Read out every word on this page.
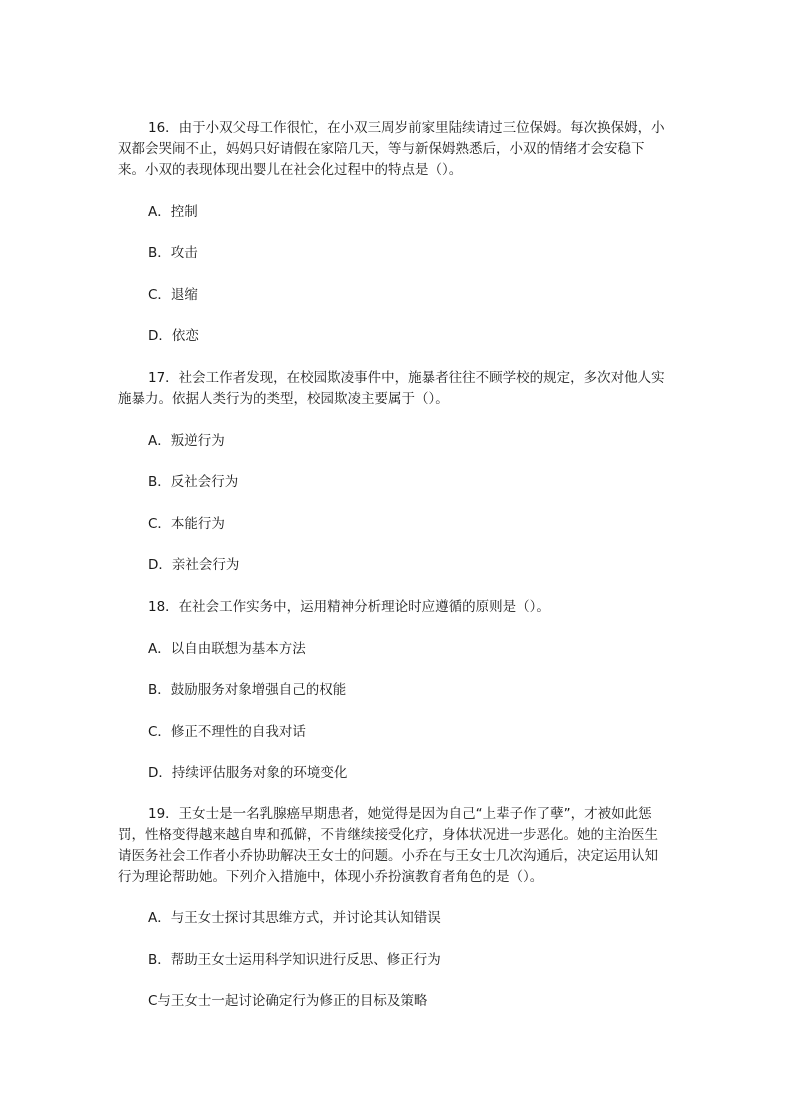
16．由于小双父母工作很忙，在小双三周岁前家里陆续请过三位保姆。每次换保姆，小双都会哭闹不止，妈妈只好请假在家陪几天，等与新保姆熟悉后，小双的情绪才会安稳下来。小双的表现体现出婴儿在社会化过程中的特点是（）。

A．控制
B．攻击
C．退缩
D．依恋

17．社会工作者发现，在校园欺凌事件中，施暴者往往不顾学校的规定，多次对他人实施暴力。依据人类行为的类型，校园欺凌主要属于（）。

A．叛逆行为
B．反社会行为
C．本能行为
D．亲社会行为

18．在社会工作实务中，运用精神分析理论时应遵循的原则是（）。

A．以自由联想为基本方法
B．鼓励服务对象增强自己的权能
C．修正不理性的自我对话
D．持续评估服务对象的环境变化

19．王女士是一名乳腺癌早期患者，她觉得是因为自己“上辈子作了孽”，才被如此惩罚，性格变得越来越自卑和孤僻，不肯继续接受化疗，身体状况进一步恶化。她的主治医生请医务社会工作者小乔协助解决王女士的问题。小乔在与王女士几次沟通后，决定运用认知行为理论帮助她。下列介入措施中，体现小乔扮演教育者角色的是（）。

A．与王女士探讨其思维方式，并讨论其认知错误
B．帮助王女士运用科学知识进行反思、修正行为
C与王女士一起讨论确定行为修正的目标及策略
